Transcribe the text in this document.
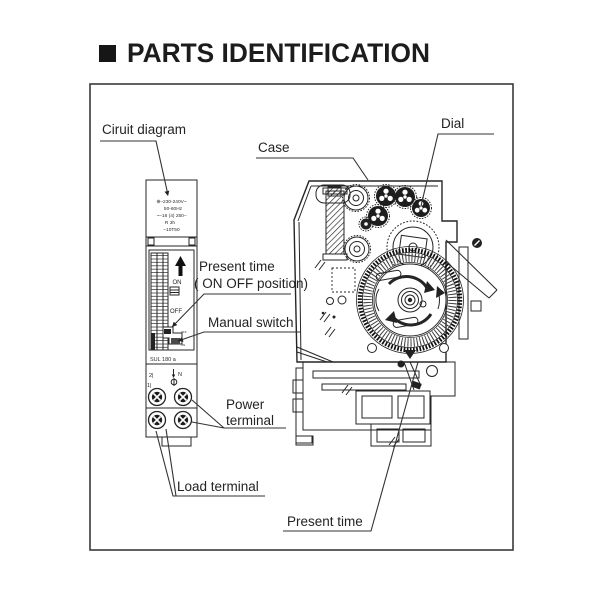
PARTS IDENTIFICATION
⊕–230-240V~
50-60Hz
~–16 (4) 250–
R 3h
–10T50
ON
OFF
OFF
ON
SUL 180 a
2|
1|
N
Ciruit diagram
Case
Dial
Present time
( ON OFF position)
Manual switch
Power
terminal
Load terminal
Present time
